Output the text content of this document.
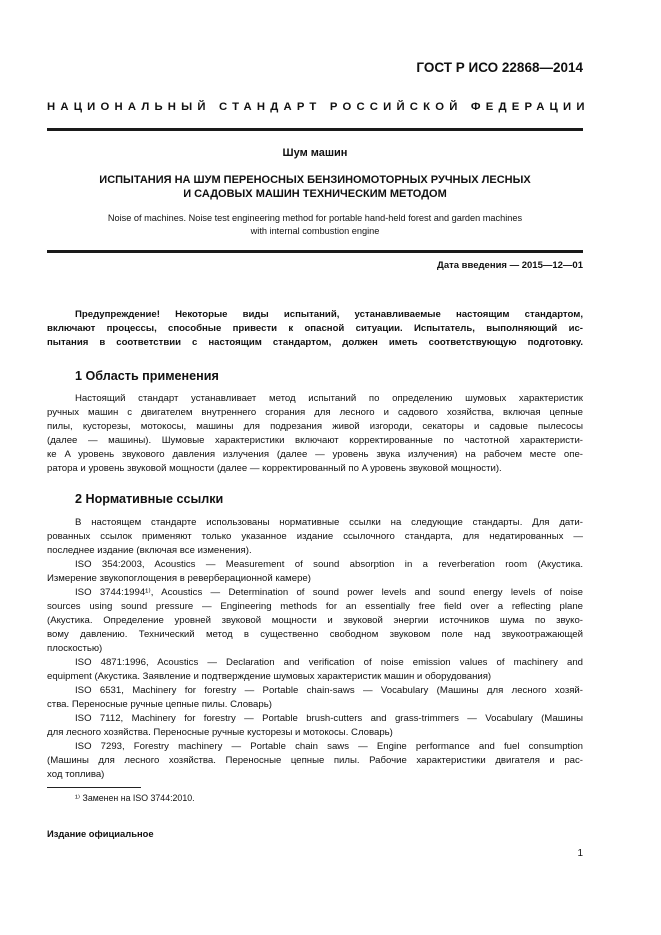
ГОСТ Р ИСО 22868—2014
НАЦИОНАЛЬНЫЙ СТАНДАРТ РОССИЙСКОЙ ФЕДЕРАЦИИ
Шум машин
ИСПЫТАНИЯ НА ШУМ ПЕРЕНОСНЫХ БЕНЗИНОМОТОРНЫХ РУЧНЫХ ЛЕСНЫХ
И САДОВЫХ МАШИН ТЕХНИЧЕСКИМ МЕТОДОМ
Noise of machines. Noise test engineering method for portable hand-held forest and garden machines
with internal combustion engine
Дата введения — 2015—12—01
Предупреждение! Некоторые виды испытаний, устанавливаемые настоящим стандартом,
включают процессы, способные привести к опасной ситуации. Испытатель, выполняющий ис-
пытания в соответствии с настоящим стандартом, должен иметь соответствующую подготовку.
1 Область применения
Настоящий стандарт устанавливает метод испытаний по определению шумовых характеристик
ручных машин с двигателем внутреннего сгорания для лесного и садового хозяйства, включая цепные
пилы, кусторезы, мотокосы, машины для подрезания живой изгороди, секаторы и садовые пылесосы
(далее — машины). Шумовые характеристики включают корректированные по частотной характеристи-
ке A уровень звукового давления излучения (далее — уровень звука излучения) на рабочем месте опе-
ратора и уровень звуковой мощности (далее — корректированный по A уровень звуковой мощности).
2 Нормативные ссылки
В настоящем стандарте использованы нормативные ссылки на следующие стандарты. Для дати-
рованных ссылок применяют только указанное издание ссылочного стандарта, для недатированных —
последнее издание (включая все изменения).
ISO 354:2003, Acoustics — Measurement of sound absorption in a reverberation room (Акустика.
Измерение звукопоглощения в реверберационной камере)
ISO 3744:1994¹⁾, Acoustics — Determination of sound power levels and sound energy levels of noise
sources using sound pressure — Engineering methods for an essentially free field over a reflecting plane
(Акустика. Определение уровней звуковой мощности и звуковой энергии источников шума по звуко-
вому давлению. Технический метод в существенно свободном звуковом поле над звукоотражающей
плоскостью)
ISO 4871:1996, Acoustics — Declaration and verification of noise emission values of machinery and
equipment (Акустика. Заявление и подтверждение шумовых характеристик машин и оборудования)
ISO 6531, Machinery for forestry — Portable chain-saws — Vocabulary (Машины для лесного хозяй-
ства. Переносные ручные цепные пилы. Словарь)
ISO 7112, Machinery for forestry — Portable brush-cutters and grass-trimmers — Vocabulary (Машины
для лесного хозяйства. Переносные ручные кусторезы и мотокосы. Словарь)
ISO 7293, Forestry machinery — Portable chain saws — Engine performance and fuel consumption
(Машины для лесного хозяйства. Переносные цепные пилы. Рабочие характеристики двигателя и рас-
ход топлива)
¹⁾ Заменен на ISO 3744:2010.
Издание официальное
1
